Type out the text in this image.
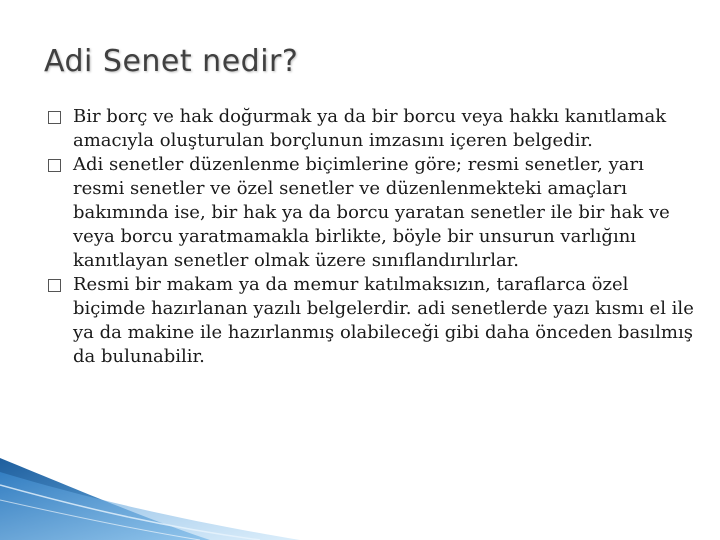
Adi Senet nedir?
Bir borç ve hak doğurmak ya da bir borcu veya hakkı kanıtlamak amacıyla oluşturulan borçlunun imzasını içeren belgedir.
Adi senetler düzenlenme biçimlerine göre; resmi senetler, yarı resmi senetler ve özel senetler ve düzenlenmekteki amaçları bakımında ise, bir hak ya da borcu yaratan senetler ile bir hak ve veya borcu yaratmamakla birlikte, böyle bir unsurun varlığını kanıtlayan senetler olmak üzere sınıflandırılırlar.
Resmi bir makam ya da memur katılmaksızın, taraflarca özel biçimde hazırlanan yazılı belgelerdir. adi senetlerde yazı kısmı el ile ya da makine ile hazırlanmış olabileceği gibi daha önceden basılmış da bulunabilir.
